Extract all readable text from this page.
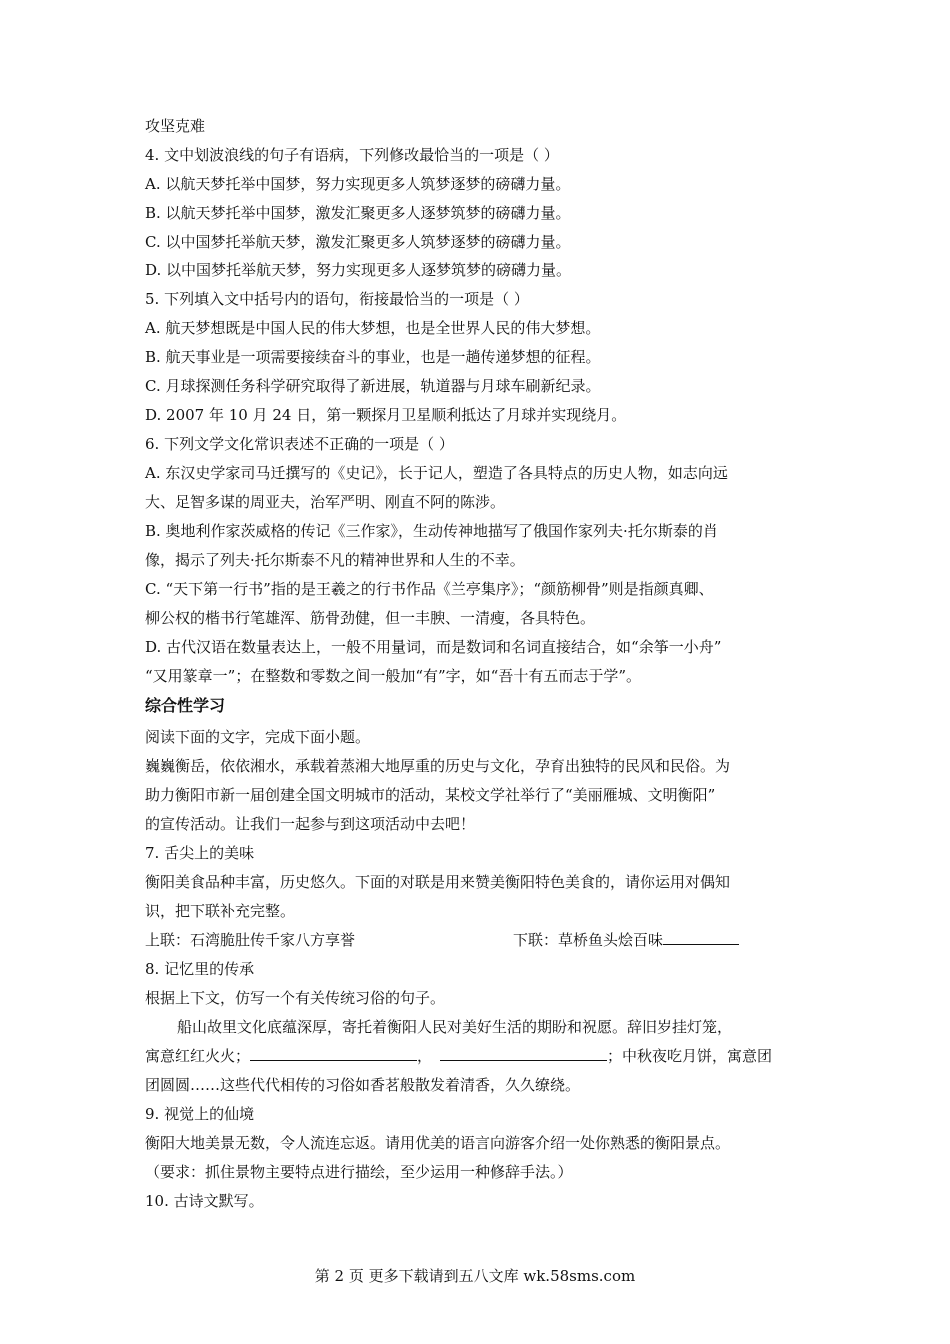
攻坚克难
4. 文中划波浪线的句子有语病，下列修改最恰当的一项是（ ）
A. 以航天梦托举中国梦，努力实现更多人筑梦逐梦的磅礴力量。
B. 以航天梦托举中国梦，激发汇聚更多人逐梦筑梦的磅礴力量。
C. 以中国梦托举航天梦，激发汇聚更多人筑梦逐梦的磅礴力量。
D. 以中国梦托举航天梦，努力实现更多人逐梦筑梦的磅礴力量。
5. 下列填入文中括号内的语句，衔接最恰当的一项是（ ）
A. 航天梦想既是中国人民的伟大梦想，也是全世界人民的伟大梦想。
B. 航天事业是一项需要接续奋斗的事业，也是一趟传递梦想的征程。
C. 月球探测任务科学研究取得了新进展，轨道器与月球车刷新纪录。
D. 2007 年 10 月 24 日，第一颗探月卫星顺利抵达了月球并实现绕月。
6. 下列文学文化常识表述不正确的一项是（ ）
A. 东汉史学家司马迁撰写的《史记》，长于记人，塑造了各具特点的历史人物，如志向远
大、足智多谋的周亚夫，治军严明、刚直不阿的陈涉。
B. 奥地利作家茨威格的传记《三作家》，生动传神地描写了俄国作家列夫·托尔斯泰的肖
像，揭示了列夫·托尔斯泰不凡的精神世界和人生的不幸。
C. “天下第一行书”指的是王羲之的行书作品《兰亭集序》；“颜筋柳骨”则是指颜真卿、
柳公权的楷书行笔雄浑、筋骨劲健，但一丰腴、一清瘦，各具特色。
D. 古代汉语在数量表达上，一般不用量词，而是数词和名词直接结合，如“余筝一小舟”
“又用篆章一”；在整数和零数之间一般加“有”字，如“吾十有五而志于学”。
综合性学习
阅读下面的文字，完成下面小题。
巍巍衡岳，依依湘水，承载着蒸湘大地厚重的历史与文化，孕育出独特的民风和民俗。为
助力衡阳市新一届创建全国文明城市的活动，某校文学社举行了“美丽雁城、文明衡阳”
的宣传活动。让我们一起参与到这项活动中去吧！
7. 舌尖上的美味
衡阳美食品种丰富，历史悠久。下面的对联是用来赞美衡阳特色美食的，请你运用对偶知
识，把下联补充完整。
上联：石湾脆肚传千家八方享誉	下联：草桥鱼头烩百味
8. 记忆里的传承
根据上下文，仿写一个有关传统习俗的句子。
船山故里文化底蕴深厚，寄托着衡阳人民对美好生活的期盼和祝愿。辞旧岁挂灯笼，
寓意红红火火；	，	；中秋夜吃月饼，寓意团
团圆圆……这些代代相传的习俗如香茗般散发着清香，久久缭绕。
9. 视觉上的仙境
衡阳大地美景无数，令人流连忘返。请用优美的语言向游客介绍一处你熟悉的衡阳景点。
（要求：抓住景物主要特点进行描绘，至少运用一种修辞手法。）
10. 古诗文默写。
第 2 页 更多下载请到五八文库 wk.58sms.com
